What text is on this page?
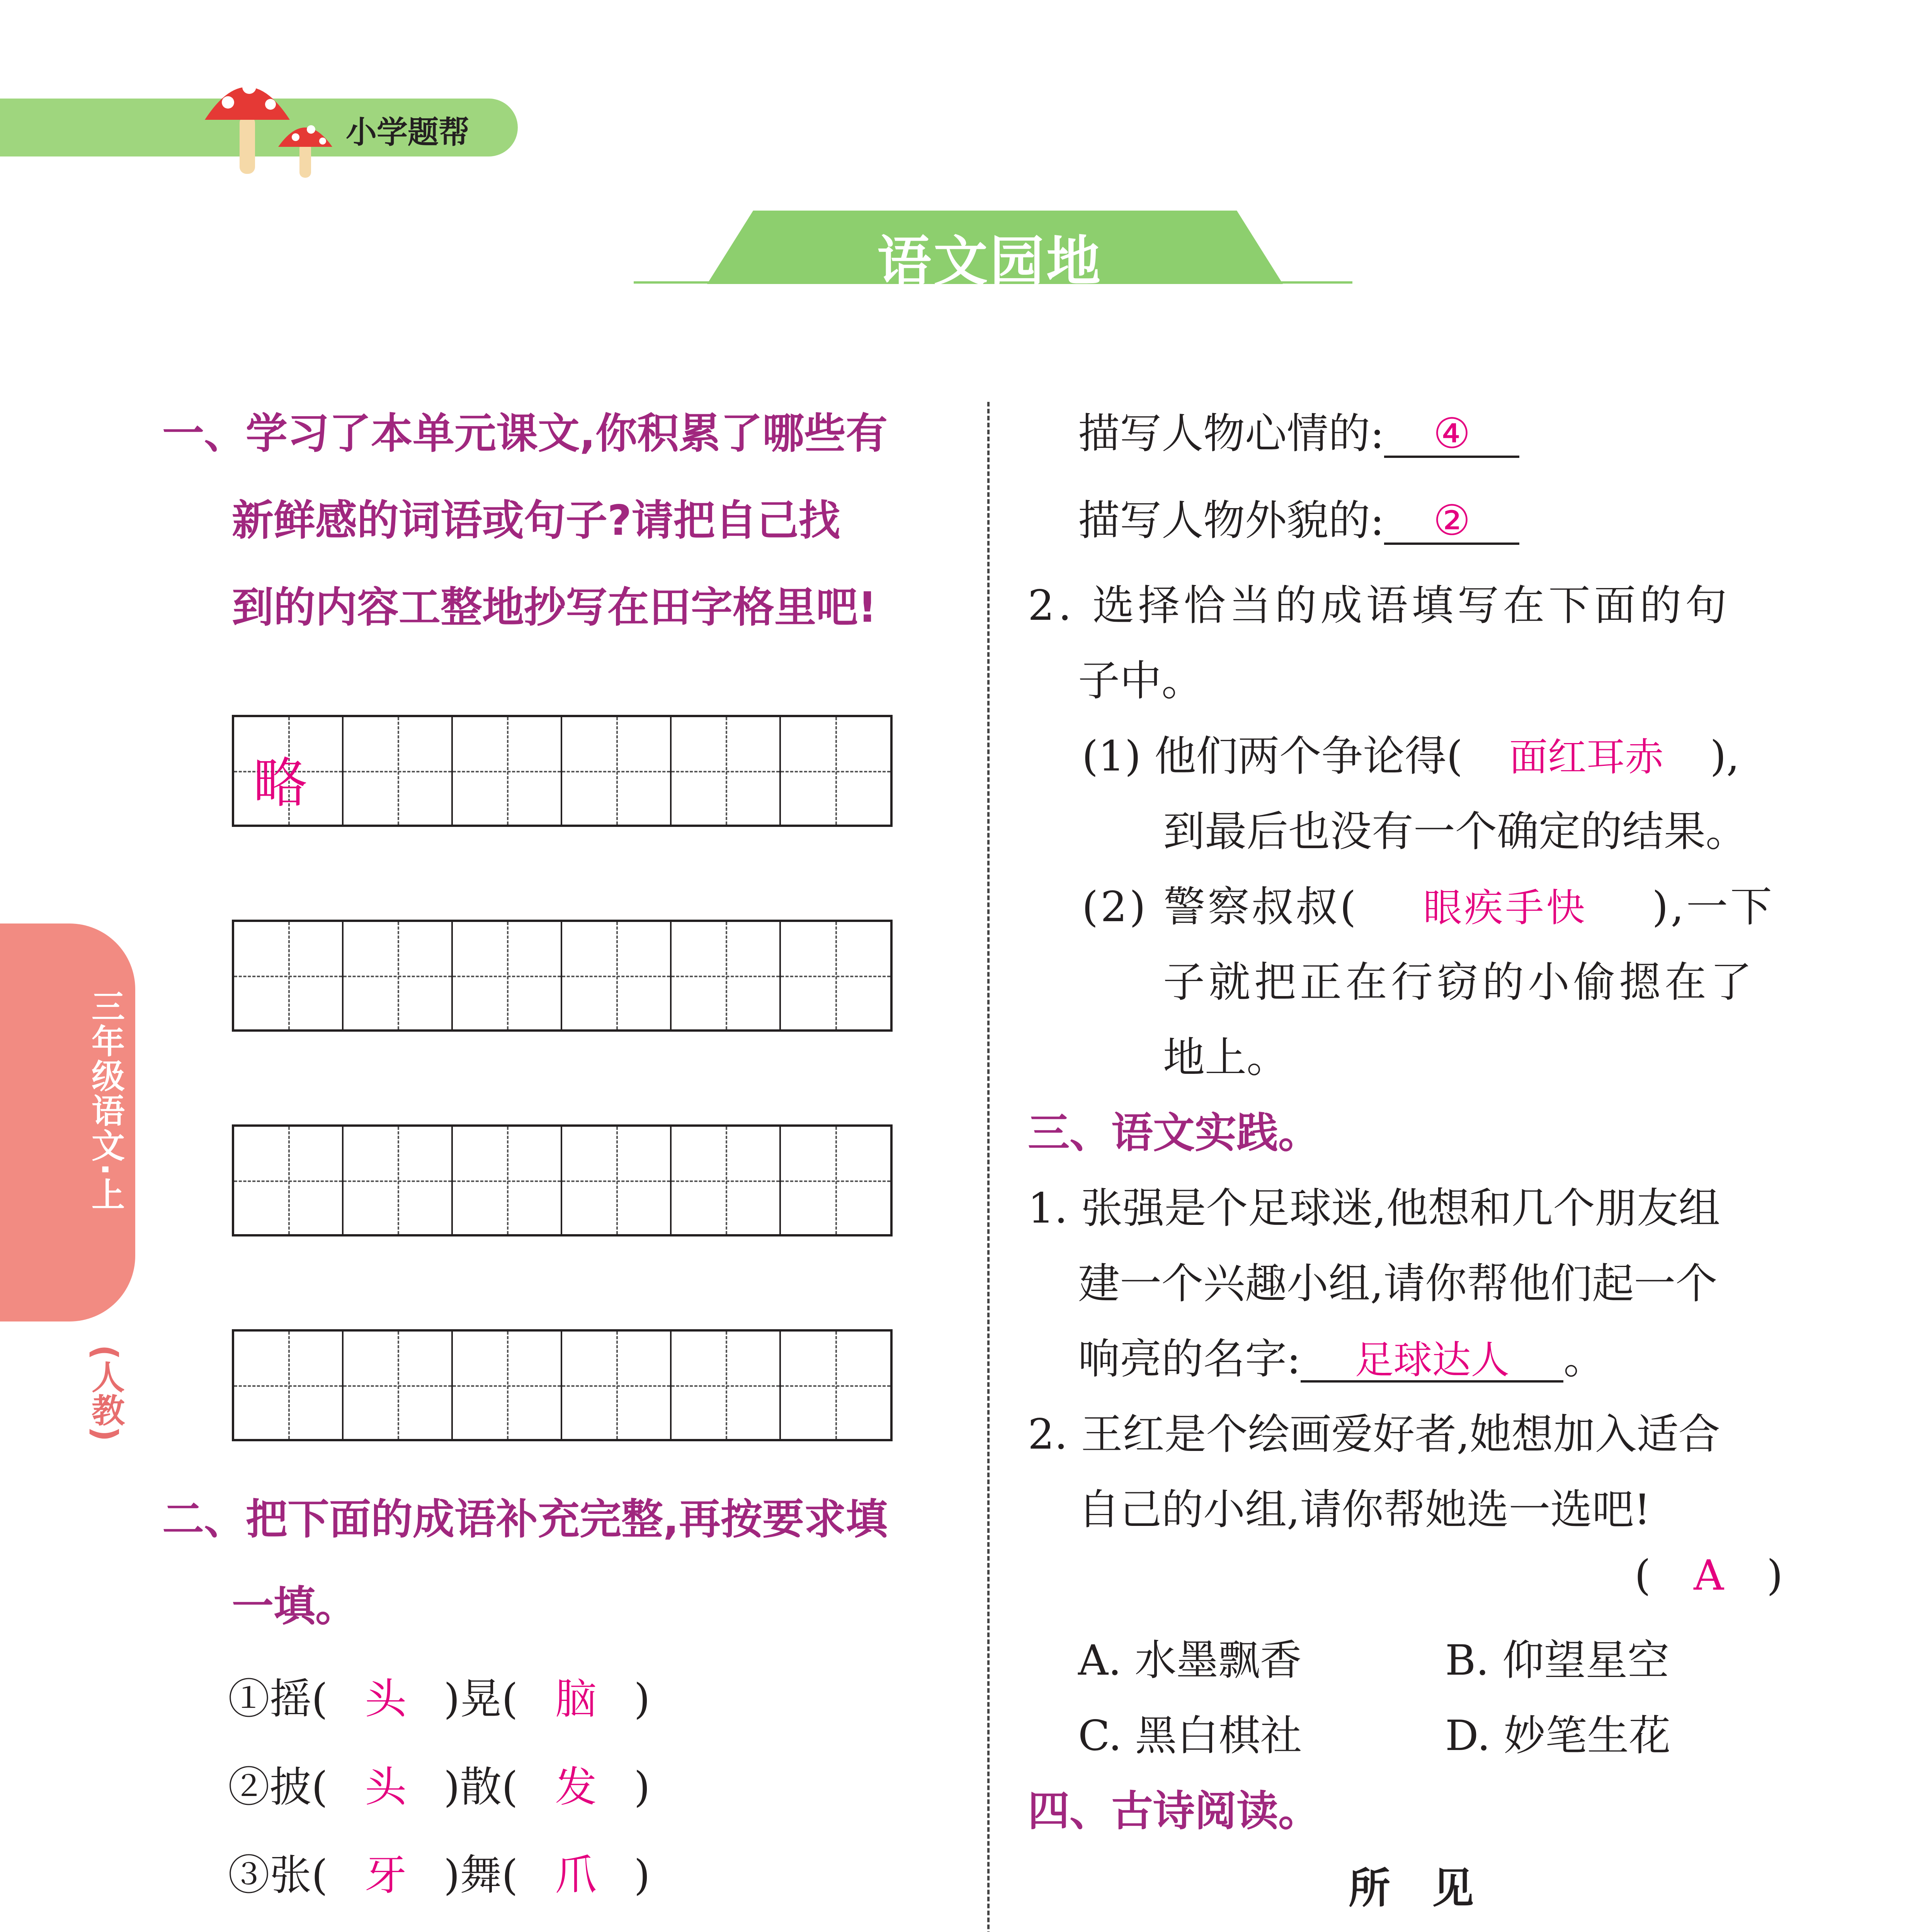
小学题帮
语文园地
三年级语文·上
(人教)
一、学习了本单元课文,你积累了哪些有
新鲜感的词语或句子?请把自己找
到的内容工整地抄写在田字格里吧!
略
二、把下面的成语补充完整,再按要求填
一填。
①摇( 头 )晃( 脑 )
②披( 头 )散( 发 )
③张( 牙 )舞( 爪 )
描写人物心情的: ④
描写人物外貌的: ②
2. 选择恰当的成语填写在下面的句
子中。
(1) 他们两个争论得( 面红耳赤 ),
到最后也没有一个确定的结果。
(2) 警察叔叔( 眼疾手快 ),一下
子就把正在行窃的小偷摁在了
地上。
三、语文实践。
1. 张强是个足球迷,他想和几个朋友组
建一个兴趣小组,请你帮他们起一个
响亮的名字: 足球达人 。
2. 王红是个绘画爱好者,她想加入适合
自己的小组,请你帮她选一选吧!
( A )
A. 水墨飘香	B. 仰望星空
C. 黑白棋社	D. 妙笔生花
四、古诗阅读。
所　见
